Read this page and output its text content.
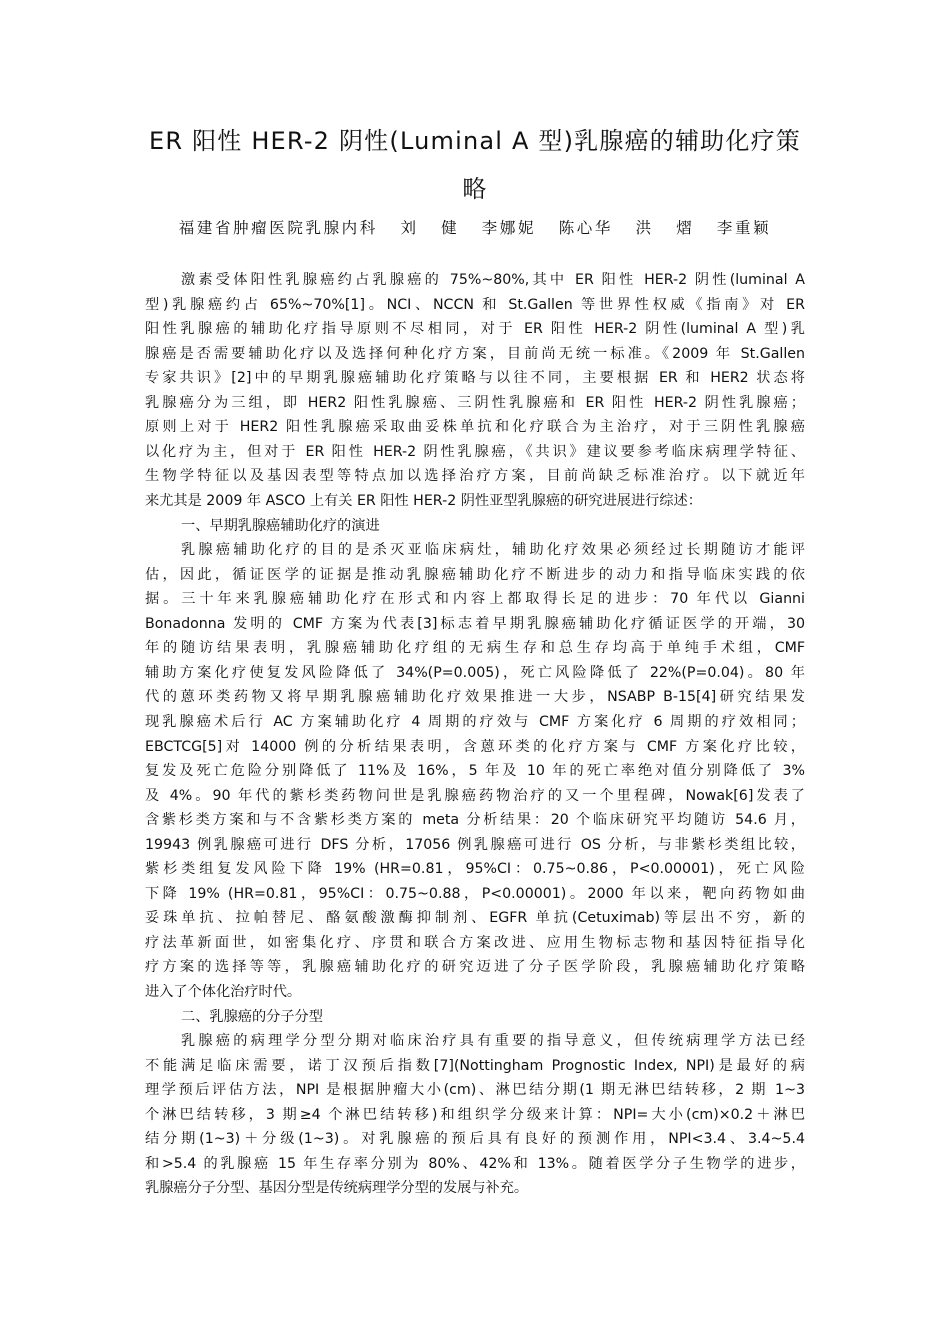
ER 阳性 HER-2 阴性(Luminal A 型)乳腺癌的辅助化疗策
略
福建省肿瘤医院乳腺内科   刘   健   李娜妮   陈心华   洪   熠   李重颖
激素受体阳性乳腺癌约占乳腺癌的 75%~80%,其中 ER 阳性 HER-2 阴性(luminal A
型)乳腺癌约占 65%~70%[1]。NCI、NCCN 和 St.Gallen 等世界性权威《指南》对 ER
阳性乳腺癌的辅助化疗指导原则不尽相同，对于 ER 阳性 HER-2 阴性(luminal A 型)乳
腺癌是否需要辅助化疗以及选择何种化疗方案，目前尚无统一标准。《2009 年 St.Gallen
专家共识》[2]中的早期乳腺癌辅助化疗策略与以往不同，主要根据 ER 和 HER2 状态将
乳腺癌分为三组，即 HER2 阳性乳腺癌、三阴性乳腺癌和 ER 阳性 HER-2 阴性乳腺癌；
原则上对于 HER2 阳性乳腺癌采取曲妥株单抗和化疗联合为主治疗，对于三阴性乳腺癌
以化疗为主，但对于 ER 阳性 HER-2 阴性乳腺癌，《共识》建议要参考临床病理学特征、
生物学特征以及基因表型等特点加以选择治疗方案，目前尚缺乏标准治疗。以下就近年
来尤其是 2009 年 ASCO 上有关 ER 阳性 HER-2 阴性亚型乳腺癌的研究进展进行综述：
一、早期乳腺癌辅助化疗的演进
乳腺癌辅助化疗的目的是杀灭亚临床病灶，辅助化疗效果必须经过长期随访才能评
估，因此，循证医学的证据是推动乳腺癌辅助化疗不断进步的动力和指导临床实践的依
据。三十年来乳腺癌辅助化疗在形式和内容上都取得长足的进步：70 年代以 Gianni
Bonadonna 发明的 CMF 方案为代表[3]标志着早期乳腺癌辅助化疗循证医学的开端，30
年的随访结果表明，乳腺癌辅助化疗组的无病生存和总生存均高于单纯手术组，CMF
辅助方案化疗使复发风险降低了 34%(P=0.005)，死亡风险降低了 22%(P=0.04)。80 年
代的蒽环类药物又将早期乳腺癌辅助化疗效果推进一大步，NSABP B-15[4]研究结果发
现乳腺癌术后行 AC 方案辅助化疗 4 周期的疗效与 CMF 方案化疗 6 周期的疗效相同；
EBCTCG[5]对 14000 例的分析结果表明，含蒽环类的化疗方案与 CMF 方案化疗比较，
复发及死亡危险分别降低了 11%及 16%，5 年及 10 年的死亡率绝对值分别降低了 3%
及 4%。90 年代的紫杉类药物问世是乳腺癌药物治疗的又一个里程碑，Nowak[6]发表了
含紫杉类方案和与不含紫杉类方案的 meta 分析结果：20 个临床研究平均随访 54.6 月，
19943 例乳腺癌可进行 DFS 分析，17056 例乳腺癌可进行 OS 分析，与非紫杉类组比较，
紫杉类组复发风险下降 19% (HR=0.81，95%CI：0.75~0.86，P<0.00001)，死亡风险
下降 19% (HR=0.81，95%CI：0.75~0.88，P<0.00001)。2000 年以来，靶向药物如曲
妥珠单抗、拉帕替尼、酪氨酸激酶抑制剂、EGFR 单抗(Cetuximab)等层出不穷，新的
疗法革新面世，如密集化疗、序贯和联合方案改进、应用生物标志物和基因特征指导化
疗方案的选择等等，乳腺癌辅助化疗的研究迈进了分子医学阶段，乳腺癌辅助化疗策略
进入了个体化治疗时代。
二、乳腺癌的分子分型
乳腺癌的病理学分型分期对临床治疗具有重要的指导意义，但传统病理学方法已经
不能满足临床需要，诺丁汉预后指数[7](Nottingham Prognostic Index, NPI)是最好的病
理学预后评估方法，NPI 是根据肿瘤大小(cm)、淋巴结分期(1 期无淋巴结转移，2 期 1~3
个淋巴结转移，3 期≥4 个淋巴结转移)和组织学分级来计算：NPI=大小(cm)×0.2＋淋巴
结分期(1~3)＋分级(1~3)。对乳腺癌的预后具有良好的预测作用，NPI<3.4、3.4~5.4
和>5.4 的乳腺癌 15 年生存率分别为 80%、42%和 13%。随着医学分子生物学的进步，
乳腺癌分子分型、基因分型是传统病理学分型的发展与补充。
